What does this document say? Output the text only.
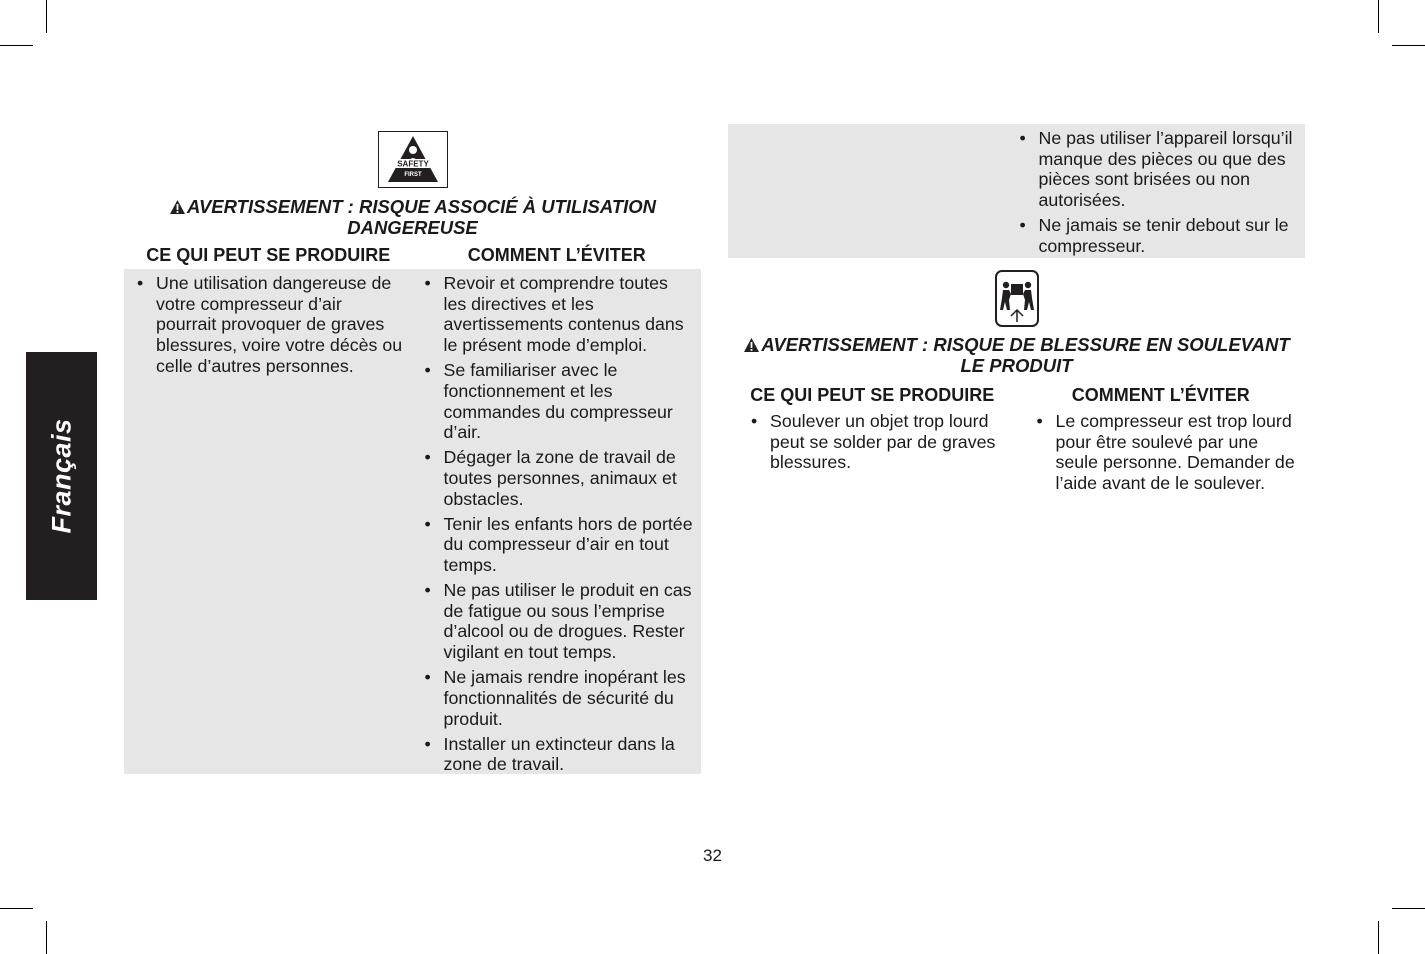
Français
SAFETY
FIRST

AVERTISSEMENT : RISQUE ASSOCIÉ À UTILISATION
DANGEREUSE

CE QUI PEUT SE PRODUIRE	COMMENT L’ÉVITER
• Une utilisation dangereuse de votre compresseur d’air pourrait provoquer de graves blessures, voire votre décès ou celle d’autres personnes.
• Revoir et comprendre toutes les directives et les avertissements contenus dans le présent mode d’emploi.
• Se familiariser avec le fonctionnement et les commandes du compresseur d’air.
• Dégager la zone de travail de toutes personnes, animaux et obstacles.
• Tenir les enfants hors de portée du compresseur d’air en tout temps.
• Ne pas utiliser le produit en cas de fatigue ou sous l’emprise d’alcool ou de drogues. Rester vigilant en tout temps.
• Ne jamais rendre inopérant les fonctionnalités de sécurité du produit.
• Installer un extincteur dans la zone de travail.
• Ne pas utiliser l’appareil lorsqu’il manque des pièces ou que des pièces sont brisées ou non autorisées.
• Ne jamais se tenir debout sur le compresseur.

AVERTISSEMENT : RISQUE DE BLESSURE EN SOULEVANT
LE PRODUIT

CE QUI PEUT SE PRODUIRE	COMMENT L’ÉVITER
• Soulever un objet trop lourd peut se solder par de graves blessures.
• Le compresseur est trop lourd pour être soulevé par une seule personne. Demander de l’aide avant de le soulever.
32
